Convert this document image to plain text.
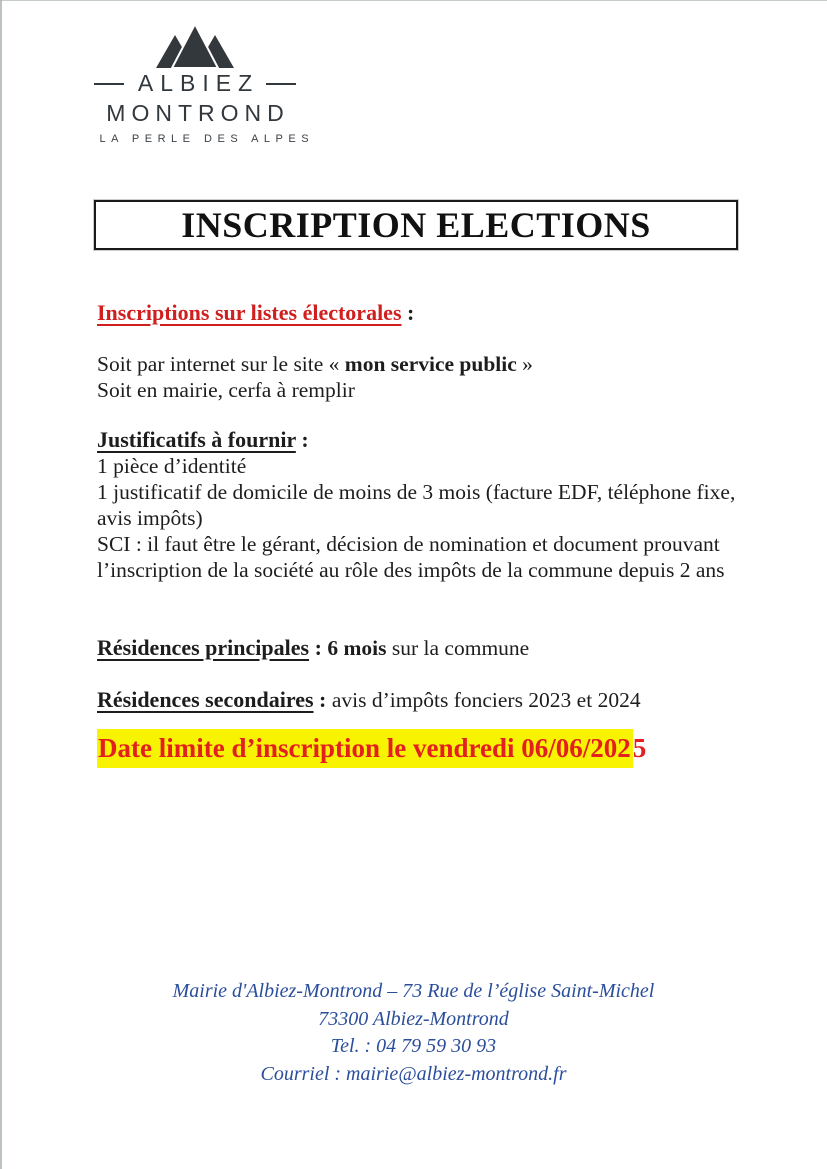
ALBIEZ
MONTROND
LA PERLE DES ALPES
INSCRIPTION ELECTIONS
Inscriptions sur listes électorales :
Soit par internet sur le site « mon service public »
Soit en mairie, cerfa à remplir
Justificatifs à fournir :
1 pièce d’identité
1 justificatif de domicile de moins de 3 mois (facture EDF, téléphone fixe, avis impôts)
SCI : il faut être le gérant, décision de nomination et document prouvant l’inscription de la société au rôle des impôts de la commune depuis 2 ans
Résidences principales : 6 mois sur la commune
Résidences secondaires : avis d’impôts fonciers 2023 et 2024
Date limite d’inscription le vendredi 06/06/2025
Mairie d'Albiez-Montrond – 73 Rue de l’église Saint-Michel
73300 Albiez-Montrond
Tel. : 04 79 59 30 93
Courriel : mairie@albiez-montrond.fr
